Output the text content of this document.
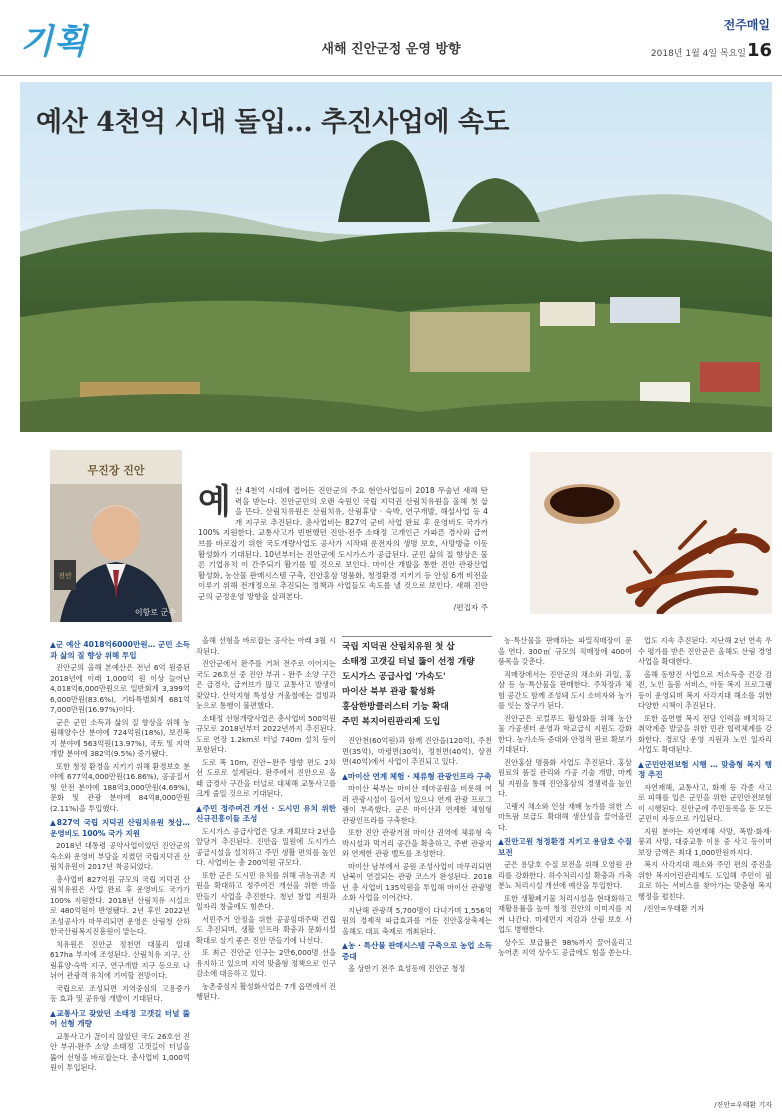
기획	새해 진안군정 운영 방향
전주매일
2018년 1월 4일 목요일 16
예산 4천억 시대 돌입… 추진사업에 속도
무진장 진안
진안
이항로 군수
예 산 4천억 시대에 접어든 진안군의 주요 현안사업들이 2018 무술년 새해 탄력을 받는다. 진안군민의 오랜 숙원인 국립 지덕권 산림치유원을 올해 첫 삽을 뜬다. 산림치유원은 산림치유, 산림휴양 · 숙박, 연구개발, 해설사업 등 4개 지구로 추진된다. 총사업비는 827억 군비 사업 완료 후 운영비도 국가가 100% 지원한다. 교통사고가 빈번했던 진안-전주 소태정 고개인근 가파른 경사와 급커브를 바로잡기 위한 국도개량사업도 공사가 시작돼 운전자의 생명 보호, 사망방출 이동 활성화가 기대된다. 10년부터는 진안군에 도시가스가 공급된다. 군민 삶의 질 향상은 물론 기업유치 이 간주되기 활기를 띨 것으로 보인다. 마이산 개발을 통한 진안 관광산업 활성화, 농산물 판매시스템 구축, 진안홍삼 명품화, 청정환경 지키기 등 안심 6개 비전을 이루기 위해 전개정으로 추진되는 정책과 사업들도 속도를 낼 것으로 보인다. 새해 진안군의 군정운영 방향을 살펴본다.
/편집자 주
국립 지덕권 산림치유원 첫 삽
소태정 고갯길 터널 뚫이 선정 개량
도시가스 공급사업 '가속도'
마이산 북부 관광 활성화
홍삼한방클러스터 기능 확대
주민 복지어린관리제 도입
▲군 예산 4018억6000만원… 군민 소득과 삶의 질 향상 위해 투입

진안군의 올해 본예산은 전년 6억 원증된 2018년에 이래 1,000억 원 이상 늘어난 4,018억6,000만원으로 일반회계 3,399억6,000만원(83.6%), 기타특별회계 681억7,000만원(16.97%)이다.

군은 군민 소득과 삶의 질 향상을 위해 농림해양수산 분야에 724억원(18%), 보건복지 분야에 563억원(13.97%), 국토 및 지역개발 분야에 382억(9.5%) 증가됐다.

또한 청정 환경을 지키기 위해 환경보호 분야에 677억4,000만원(16.86%), 공공질서 및 안전 분야에 188억3,000만원(4.69%), 문화 및 관광 분야에 84억8,000만원(2.11%)을 투입했다.

▲827억 국립 지덕권 산림치유원 첫삽… 운영비도 100% 국가 지원

2018년 대통령 공약사업이었던 진안군의 숙소와 운영비 부담을 지켰던 국립지덕권 산림치유원이 2017년 착공되었다.

총사업비 827억원 규모의 국립 지덕권 산림치유원은 사업 완료 후 운영비도 국가가 100% 지원한다. 2018년 산림치유 시설으로 480억원이 반영됐다. 2년 후인 2022년 조성공사가 마무리되면 운영은 산림청 산하 한국산림복지진흥원이 맡는다.

치유원은 진안군 정천면 대불리 일대 617ha 부지에 조성된다. 산림치유 지구, 산림휴양·숙박 지구, 연구개발 지구 등으로 나뉘어 관광객 유치에 기여할 전망이다.

국립으로 조성되면 지역중심의 고용증가 등 효과 및 공유형 개발이 기대된다.

▲교통사고 잦았던 소태정 고갯길 터널 뚫어 선형 개량

교통사고가 끊이지 않았던 국도 26호선 진안 부귀-완주 소양 소태정 고갯길이 터널을 뚫어 선형을 바로잡는다. 총사업비 1,000억원이 투입된다.

올해 선형을 바로잡는 공사는 아래 3월 시작된다.

진안군에서 완주를 거쳐 전주로 이어지는 국도 26호선 중 진안 부귀 - 완주 소양 구간은 급경사, 급커브가 많고 교통사고 발생이 잦았다. 산악지형 특성상 겨울철에는 결빙과 눈으로 통행이 불편했다.

소태정 선형개량사업은 총사업비 500억원 규모로 2018년부터 2022년까지 추진된다. 도로 연장 1.2km로 터널 740m 설치 등이 포함된다.

도로 폭 10m, 진안~완주 방향 편도 2차선 도로로 설계된다. 완주에서 진안으로 올 때 급경사 구간을 터널로 대체해 교통사고를 크게 줄일 것으로 기대된다.

▲주민 정주여건 개선 · 도시민 유치 위한 신규진흥이들 조성

도시가스 공급사업은 당초 계획보다 2년을 앞당겨 추진된다. 진안읍 일원에 도시가스 공급시설을 설치하고 주민 생활 편의를 높인다. 사업비는 총 200억원 규모다.

또한 군은 도시민 유치를 위해 귀농귀촌 지원을 확대하고 정주여건 개선을 위한 마을 만들기 사업을 추진한다. 청년 창업 지원과 일자리 창출에도 힘쓴다.

서민주거 안정을 위한 공공임대주택 건립도 추진되며, 생활 인프라 확충과 문화시설 확대로 살기 좋은 진안 만들기에 나선다.

또 최근 진안군 인구는 2만6,000명 선을 유지하고 있으며 지역 맞춤형 정책으로 인구 감소에 대응하고 있다.

농촌중심지 활성화사업은 7개 읍면에서 진행된다.

진안천(60억원)과 함께 진안읍(120억), 주천면(35억), 마령면(30억), 정천면(40억), 상전면(40억)에서 사업이 추진되고 있다.

▲마이산 연계 체험 · 체류형 관광인프라 구축

마이산 북부는 마이산 테마공원을 비롯해 여러 관광시설이 들어서 있으나 연계 관광 프로그램이 부족했다. 군은 마이산과 연계한 체험형 관광인프라를 구축한다.

또한 진안 관광거점 마이산 권역에 체류형 숙박시설과 먹거리 공간을 확충하고, 주변 관광지와 연계한 관광 벨트를 조성한다.

마이산 남부에서 공원 조성사업이 마무리되면 남북이 연결되는 관광 코스가 완성된다. 2018년 총 사업비 135억원을 투입해 마이산 관광명소화 사업을 이어간다.

지난해 관광객 5,700명이 다녀가며 1,556억원의 경제적 파급효과를 거둔 진안홍삼축제는 올해도 대표 축제로 개최된다.

▲농 · 특산물 판매시스템 구축으로 농업 소득 증대

올 상반기 전주 효성동에 진안군 청정

농·특산물을 판매하는 파밀직매장이 문을 연다. 300㎡ 규모의 직매장에 400여 품목을 갖춘다.

직매장에서는 진안군의 채소와 과일, 홍삼 등 농·특산물을 판매한다. 주차장과 체험 공간도 함께 조성돼 도시 소비자와 농가를 잇는 창구가 된다.

진안군은 로컬푸드 활성화를 위해 농산물 가공센터 운영과 학교급식 지원도 강화한다. 농가소득 증대와 안정적 판로 확보가 기대된다.

진안홍삼 명품화 사업도 추진된다. 홍삼 원료의 품질 관리와 가공 기술 개발, 마케팅 지원을 통해 진안홍삼의 경쟁력을 높인다.

고랭지 채소와 인삼 재배 농가를 위한 스마트팜 보급도 확대해 생산성을 끌어올린다.

▲진안고원 청정환경 지키고 용담호 수질 보전

군은 용담호 수질 보전을 위해 오염원 관리를 강화한다. 하수처리시설 확충과 가축분뇨 처리시설 개선에 예산을 투입한다.

또한 생활폐기물 처리시설을 현대화하고 재활용률을 높여 청정 진안의 이미지를 지켜 나간다. 미세먼지 저감과 산림 보호 사업도 병행한다.

상수도 보급률은 98%까지 끌어올리고 농어촌 지역 상수도 공급에도 힘을 쏟는다.

업도 지속 추진된다. 지난해 2년 연속 우수 평가를 받은 진안군은 올해도 산림 경영 사업을 확대한다.

올해 동향진 사업으로 저소득층 건강 검진, 노인 돌봄 서비스, 아동 복지 프로그램 등이 운영되며 복지 사각지대 해소를 위한 다양한 시책이 추진된다.

또한 읍면별 복지 전담 인력을 배치하고 취약계층 발굴을 위한 민관 협력체계를 강화한다. 경로당 운영 지원과 노인 일자리 사업도 확대된다.

▲군민안전보험 시행 … 맞춤형 복지 행정 추진

자연재해, 교통사고, 화재 등 각종 사고로 피해를 입은 군민을 위한 군민안전보험이 시행된다. 진안군에 주민등록을 둔 모든 군민이 자동으로 가입된다.

지원 분야는 자연재해 사망, 폭발·화재·붕괴 사망, 대중교통 이용 중 사고 등이며 보장 금액은 최대 1,000만원까지다.

복지 사각지대 해소와 주민 편의 증진을 위한 복지어린관리제도 도입해 주민이 필요로 하는 서비스를 찾아가는 맞춤형 복지 행정을 펼친다.

/진안=우태환 기자

/진안=우태환 기자
